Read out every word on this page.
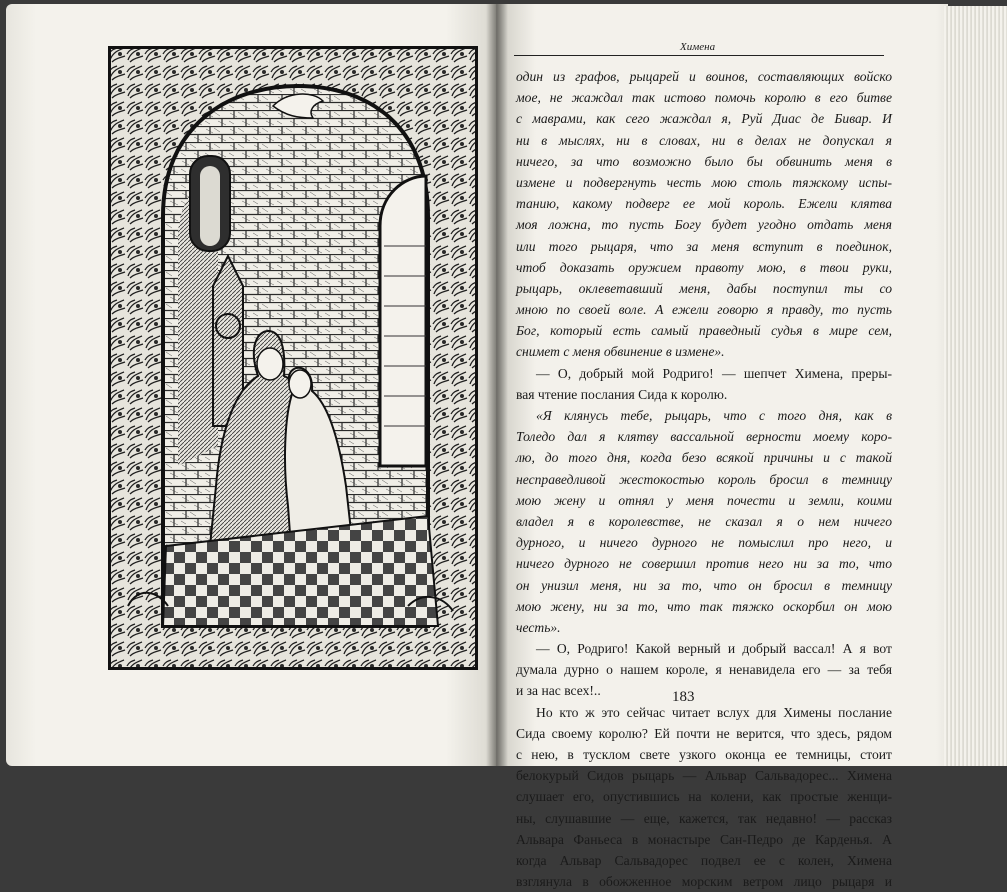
Химена
один из графов, рыцарей и воинов, составляющих войско
мое, не жаждал так истово помочь королю в его битве
с маврами, как сего жаждал я, Руй Диас де Бивар. И
ни в мыслях, ни в словах, ни в делах не допускал я
ничего, за что возможно было бы обвинить меня в
измене и подвергнуть честь мою столь тяжкому испы-
танию, какому подверг ее мой король. Ежели клятва
моя ложна, то пусть Богу будет угодно отдать меня
или того рыцаря, что за меня вступит в поединок,
чтоб доказать оружием правоту мою, в твои руки,
рыцарь, оклеветавший меня, дабы поступил ты со
мною по своей воле. А ежели говорю я правду, то пусть
Бог, который есть самый праведный судья в мире сем,
снимет с меня обвинение в измене».
— О, добрый мой Родриго! — шепчет Химена, преры-
вая чтение послания Сида к королю.
«Я клянусь тебе, рыцарь, что с того дня, как в
Толедо дал я клятву вассальной верности моему коро-
лю, до того дня, когда безо всякой причины и с такой
несправедливой жестокостью король бросил в темницу
мою жену и отнял у меня почести и земли, коими
владел я в королевстве, не сказал я о нем ничего
дурного, и ничего дурного не помыслил про него, и
ничего дурного не совершил против него ни за то, что
он унизил меня, ни за то, что он бросил в темницу
мою жену, ни за то, что так тяжко оскорбил он мою
честь».
— О, Родриго! Какой верный и добрый вассал! А я вот
думала дурно о нашем короле, я ненавидела его — за тебя
и за нас всех!..
Но кто ж это сейчас читает вслух для Химены послание
Сида своему королю? Ей почти не верится, что здесь, рядом
с нею, в тусклом свете узкого оконца ее темницы, стоит
белокурый Сидов рыцарь — Альвар Сальвадорес... Химена
слушает его, опустившись на колени, как простые женщи-
ны, слушавшие — еще, кажется, так недавно! — рассказ
Альвара Фаньеса в монастыре Сан-Педро де Карденья. А
когда Альвар Сальвадорес подвел ее с колен, Химена
взглянула в обожженное морским ветром лицо рыцаря и
183
